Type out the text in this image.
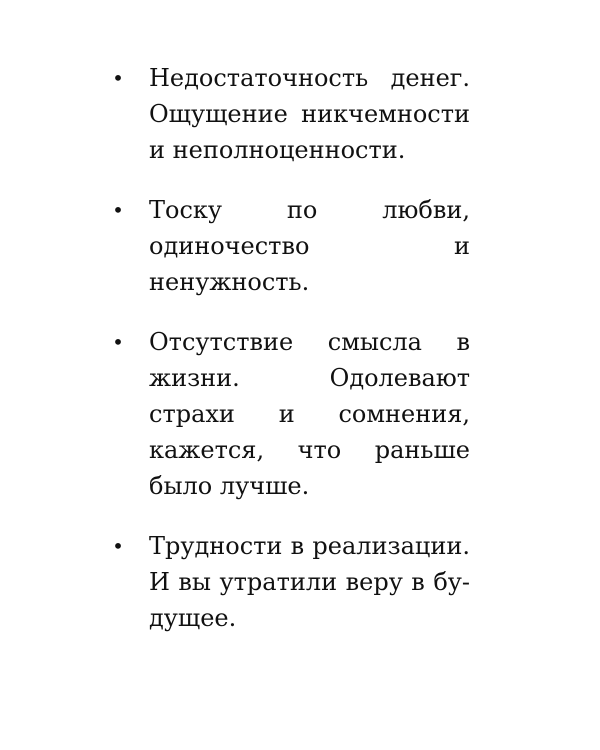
• Недостаточность денег. Ощущение никчемности и неполноценности.
• Тоску по любви, одиночество и ненужность.
• Отсутствие смысла в жизни. Одолевают страхи и сомнения, кажется, что раньше было лучше.
• Трудности в реализации. И вы утратили веру в будущее.
